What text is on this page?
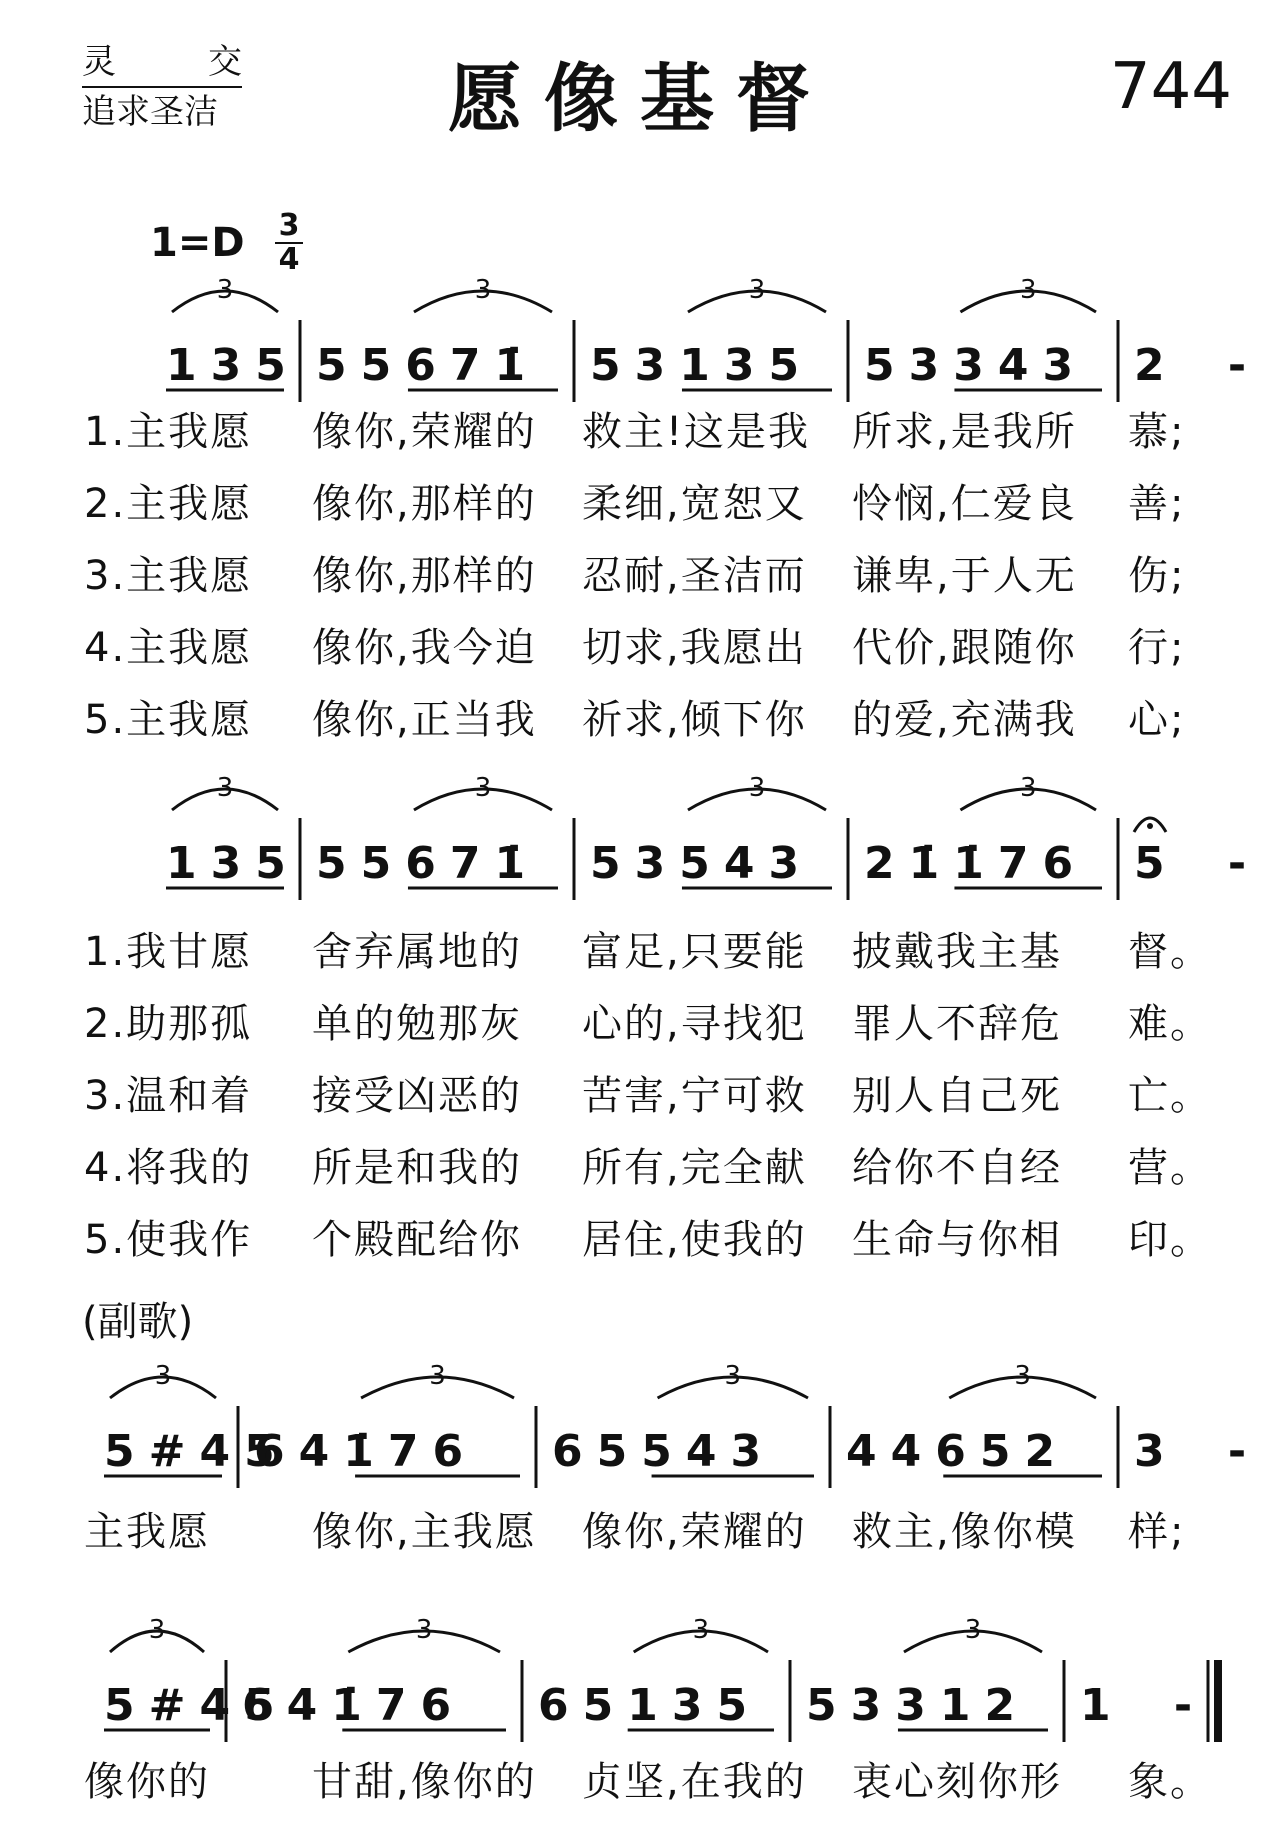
灵	交
追求圣洁	愿像基督	744
$1=D \frac{3}{4}$
135
3
55671̇
3
53135
3
53343
3
2 -
135
3
55671̇
3
53543
3
21̇1̇76
3
5 -
5#45
3
641̇76
3
65543
3
44652
3
3 -
5#45
3
641̇76
3
65135
3
53312
3
1 -
1.主我愿 像你,荣耀的 救主!这是我 所求,是我所 慕;
2.主我愿 像你,那样的 柔细,宽恕又 怜悯,仁爱良 善;
3.主我愿 像你,那样的 忍耐,圣洁而 谦卑,于人无 伤;
4.主我愿 像你,我今迫 切求,我愿出 代价,跟随你 行;
5.主我愿 像你,正当我 祈求,倾下你 的爱,充满我 心;
1.我甘愿 舍弃属地的 富足,只要能 披戴我主基 督。
2.助那孤 单的勉那灰 心的,寻找犯 罪人不辞危 难。
3.温和着 接受凶恶的 苦害,宁可救 别人自己死 亡。
4.将我的 所是和我的 所有,完全献 给你不自经 营。
5.使我作 个殿配给你 居住,使我的 生命与你相 印。
(副歌)
主我愿	像你,主我愿 像你,荣耀的 救主,像你模 样;
像你的	甘甜,像你的 贞坚,在我的 衷心刻你形 象。
